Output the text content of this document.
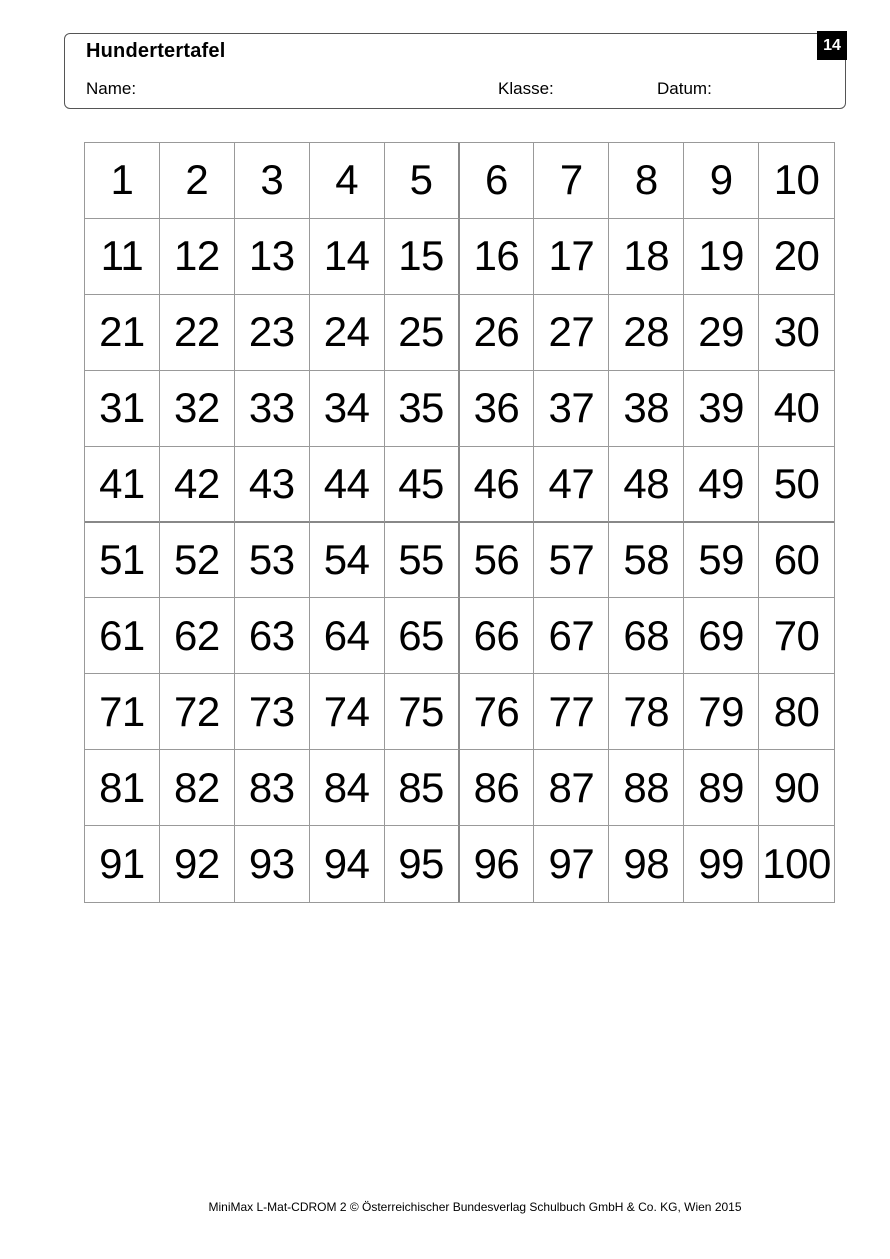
Hundertertafel
Name:	Klasse:	Datum:
14
1	2	3	4	5	6	7	8	9 10
11 12 13 14 15 16 17 18 19 20
21 22 23 24 25 26 27 28 29 30
31 32 33 34 35 36 37 38 39 40
41 42 43 44 45 46 47 48 49 50
51 52 53 54 55 56 57 58 59 60
61 62 63 64 65 66 67 68 69 70
71 72 73 74 75 76 77 78 79 80
81 82 83 84 85 86 87 88 89 90
91 92 93 94 95 96 97 98 99 100
MiniMax L-Mat-CDROM 2 © Österreichischer Bundesverlag Schulbuch GmbH & Co. KG, Wien 2015
